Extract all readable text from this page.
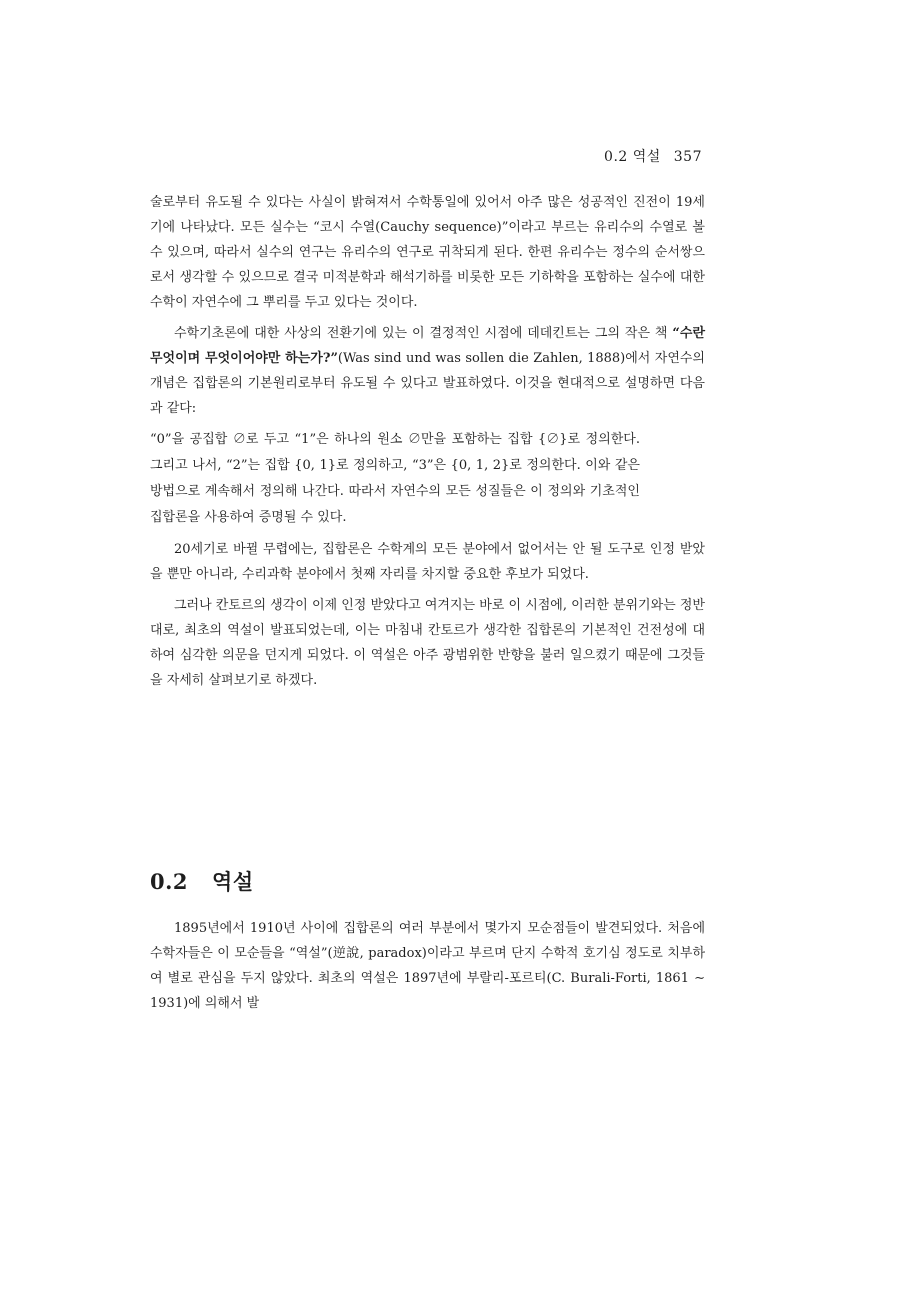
0.2 역설 357

술로부터 유도될 수 있다는 사실이 밝혀져서 수학통일에 있어서 아주 많은 성공적인 진전이 19세기에 나타났다. 모든 실수는 “코시 수열(Cauchy sequence)”이라고 부르는 유리수의 수열로 볼 수 있으며, 따라서 실수의 연구는 유리수의 연구로 귀착되게 된다. 한편 유리수는 정수의 순서쌍으로서 생각할 수 있으므로 결국 미적분학과 해석기하를 비롯한 모든 기하학을 포함하는 실수에 대한 수학이 자연수에 그 뿌리를 두고 있다는 것이다.

수학기초론에 대한 사상의 전환기에 있는 이 결정적인 시점에 데데킨트는 그의 작은 책 “수란 무엇이며 무엇이어야만 하는가?”(Was sind und was sollen die Zahlen, 1888)에서 자연수의 개념은 집합론의 기본원리로부터 유도될 수 있다고 발표하였다. 이것을 현대적으로 설명하면 다음과 같다:

“0”을 공집합 ∅로 두고 “1”은 하나의 원소 ∅만을 포함하는 집합 {∅}로 정의한다. 그리고 나서, “2”는 집합 {0, 1}로 정의하고, “3”은 {0, 1, 2}로 정의한다. 이와 같은 방법으로 계속해서 정의해 나간다. 따라서 자연수의 모든 성질들은 이 정의와 기초적인 집합론을 사용하여 증명될 수 있다.

20세기로 바뀔 무렵에는, 집합론은 수학계의 모든 분야에서 없어서는 안 될 도구로 인정 받았을 뿐만 아니라, 수리과학 분야에서 첫째 자리를 차지할 중요한 후보가 되었다.

그러나 칸토르의 생각이 이제 인정 받았다고 여겨지는 바로 이 시점에, 이러한 분위기와는 정반대로, 최초의 역설이 발표되었는데, 이는 마침내 칸토르가 생각한 집합론의 기본적인 건전성에 대하여 심각한 의문을 던지게 되었다. 이 역설은 아주 광범위한 반향을 불러 일으켰기 때문에 그것들을 자세히 살펴보기로 하겠다.

0.2 역설

1895년에서 1910년 사이에 집합론의 여러 부분에서 몇가지 모순점들이 발견되었다. 처음에 수학자들은 이 모순들을 “역설”(逆說, paradox)이라고 부르며 단지 수학적 호기심 정도로 치부하여 별로 관심을 두지 않았다. 최초의 역설은 1897년에 부랄리-포르티(C. Burali-Forti, 1861 ∼ 1931)에 의해서 발
